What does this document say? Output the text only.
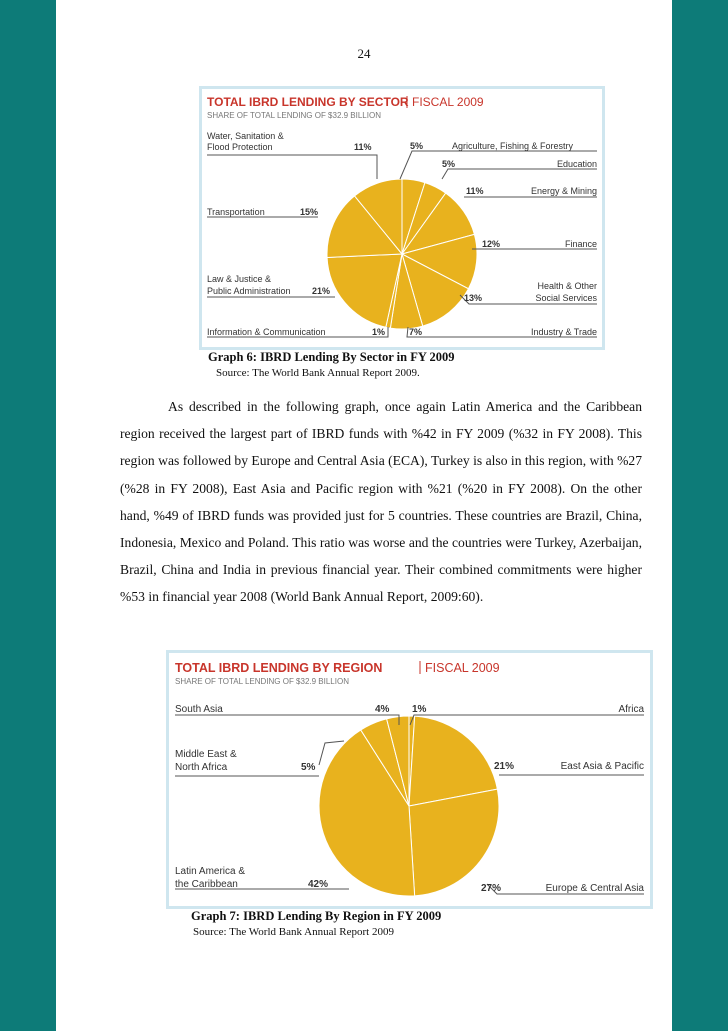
24
TOTAL IBRD LENDING BY SECTOR FISCAL 2009
SHARE OF TOTAL LENDING OF $32.9 BILLION
Water, Sanitation &
Flood Protection	11%	Agriculture, Fishing & Forestry
5%
Education
5%
Energy & Mining
11%
Transportation	15%
Finance
12%
Law & Justice &
Public Administration 21%	Health & Other
Social Services
13%
Information & Communication	1%	Industry & Trade
7%
Graph 6: IBRD Lending By Sector in FY 2009
Source: The World Bank Annual Report 2009.

As described in the following graph, once again Latin America and the Caribbean region received the largest part of IBRD funds with %42 in FY 2009 (%32 in FY 2008). This region was followed by Europe and Central Asia (ECA), Turkey is also in this region, with %27 (%28 in FY 2008), East Asia and Pacific region with %21 (%20 in FY 2008). On the other hand, %49 of IBRD funds was provided just for 5 countries. These countries are Brazil, China, Indonesia, Mexico and Poland. This ratio was worse and the countries were Turkey, Azerbaijan, Brazil, China and India in previous financial year. Their combined commitments were higher %53 in financial year 2008 (World Bank Annual Report, 2009:60).

TOTAL IBRD LENDING BY REGION	FISCAL 2009
SHARE OF TOTAL LENDING OF $32.9 BILLION
South Asia	4%	Africa
1%
Middle East &
North Africa	5%	East Asia & Pacific
21%
Latin America &
the Caribbean	42%	Europe & Central Asia
27%
Graph 7: IBRD Lending By Region in FY 2009
Source: The World Bank Annual Report 2009
